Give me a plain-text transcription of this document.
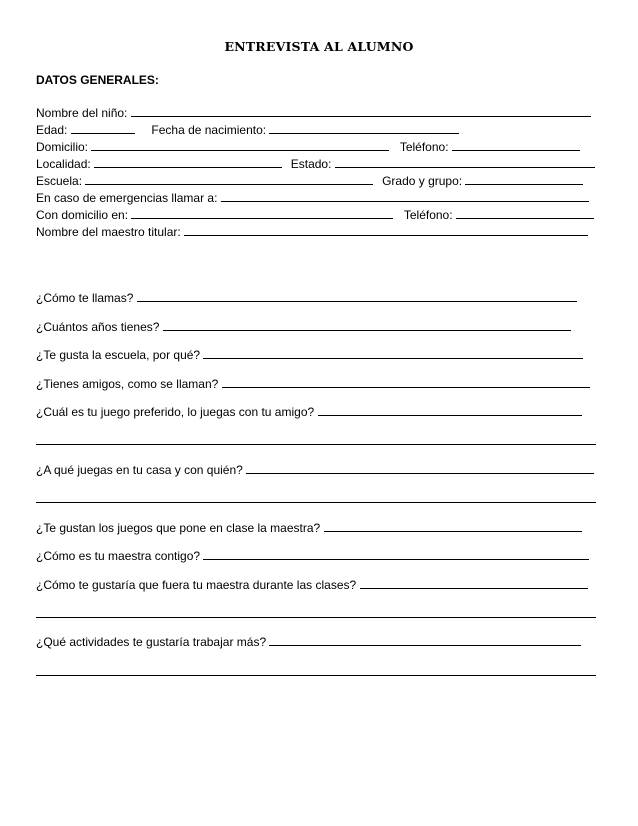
ENTREVISTA AL ALUMNO
DATOS GENERALES:
Nombre del niño:
Edad:	Fecha de nacimiento:
Domicilio:	Teléfono:
Localidad:	Estado:
Escuela:	Grado y grupo:
En caso de emergencias llamar a:
Con domicilio en:	Teléfono:
Nombre del maestro titular:
¿Cómo te llamas?
¿Cuántos años tienes?
¿Te gusta la escuela, por qué?
¿Tienes amigos, como se llaman?
¿Cuál es tu juego preferido, lo juegas con tu amigo?
¿A qué juegas en tu casa y con quién?
¿Te gustan los juegos que pone en clase la maestra?
¿Cómo es tu maestra contigo?
¿Cómo te gustaría que fuera tu maestra durante las clases?
¿Qué actividades te gustaría trabajar más?
